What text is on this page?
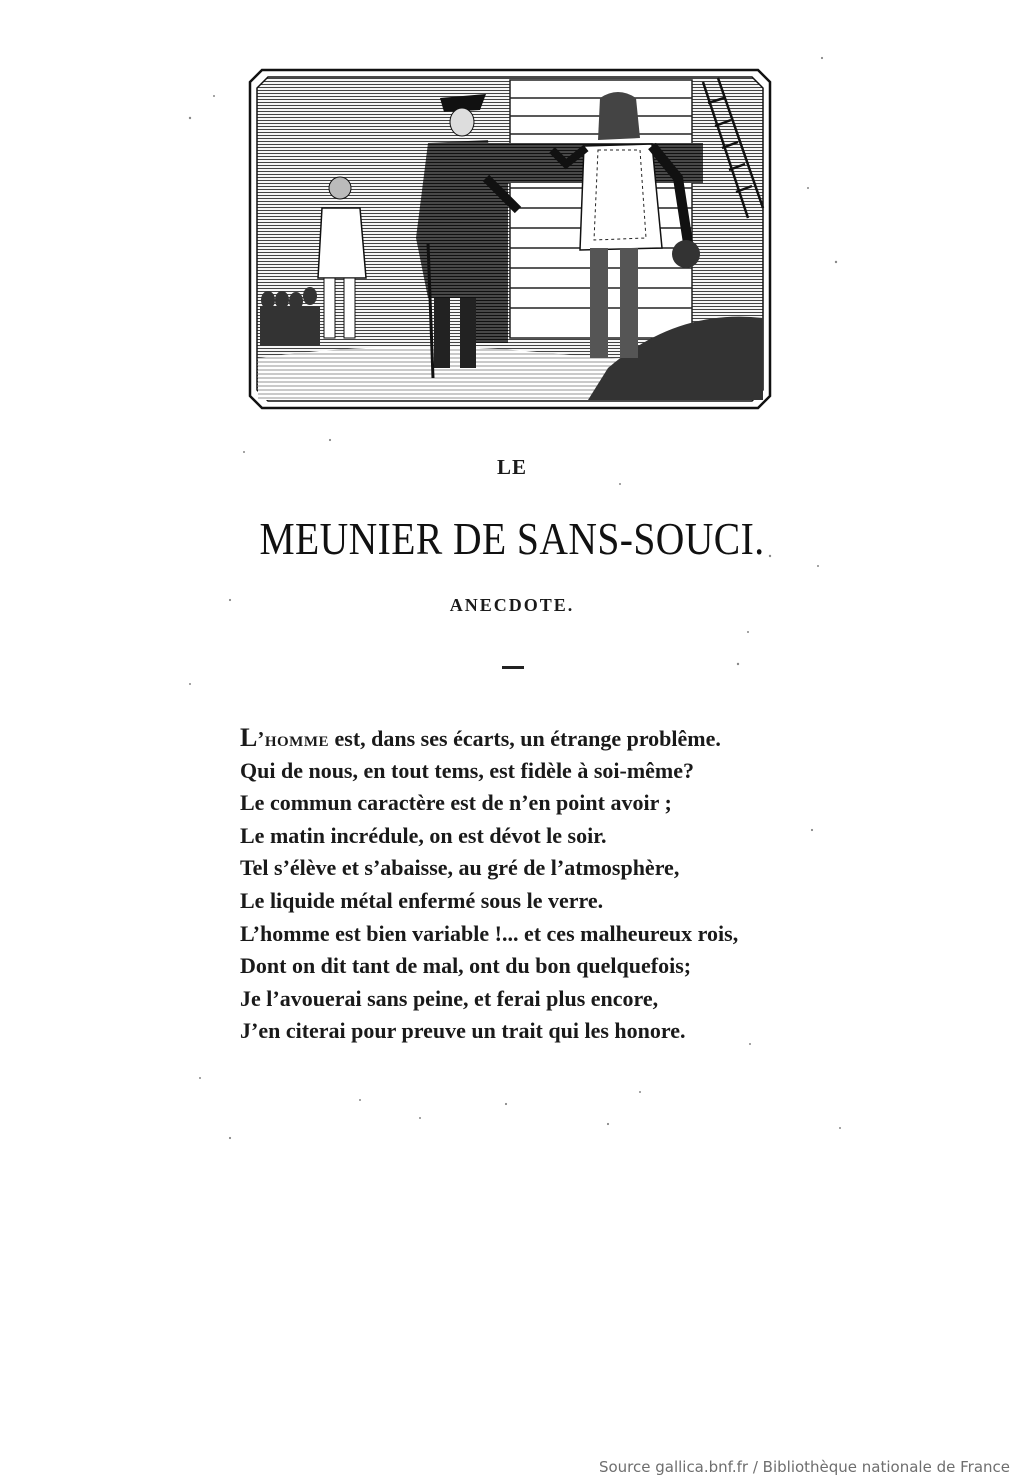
LE
MEUNIER DE SANS-SOUCI.
ANECDOTE.
L’homme est, dans ses écarts, un étrange problême.
Qui de nous, en tout tems, est fidèle à soi-même?
Le commun caractère est de n’en point avoir ;
Le matin incrédule, on est dévot le soir.
Tel s’élève et s’abaisse, au gré de l’atmosphère,
Le liquide métal enfermé sous le verre.
L’homme est bien variable !... et ces malheureux rois,
Dont on dit tant de mal, ont du bon quelquefois;
Je l’avouerai sans peine, et ferai plus encore,
J’en citerai pour preuve un trait qui les honore.
Source gallica.bnf.fr / Bibliothèque nationale de France
